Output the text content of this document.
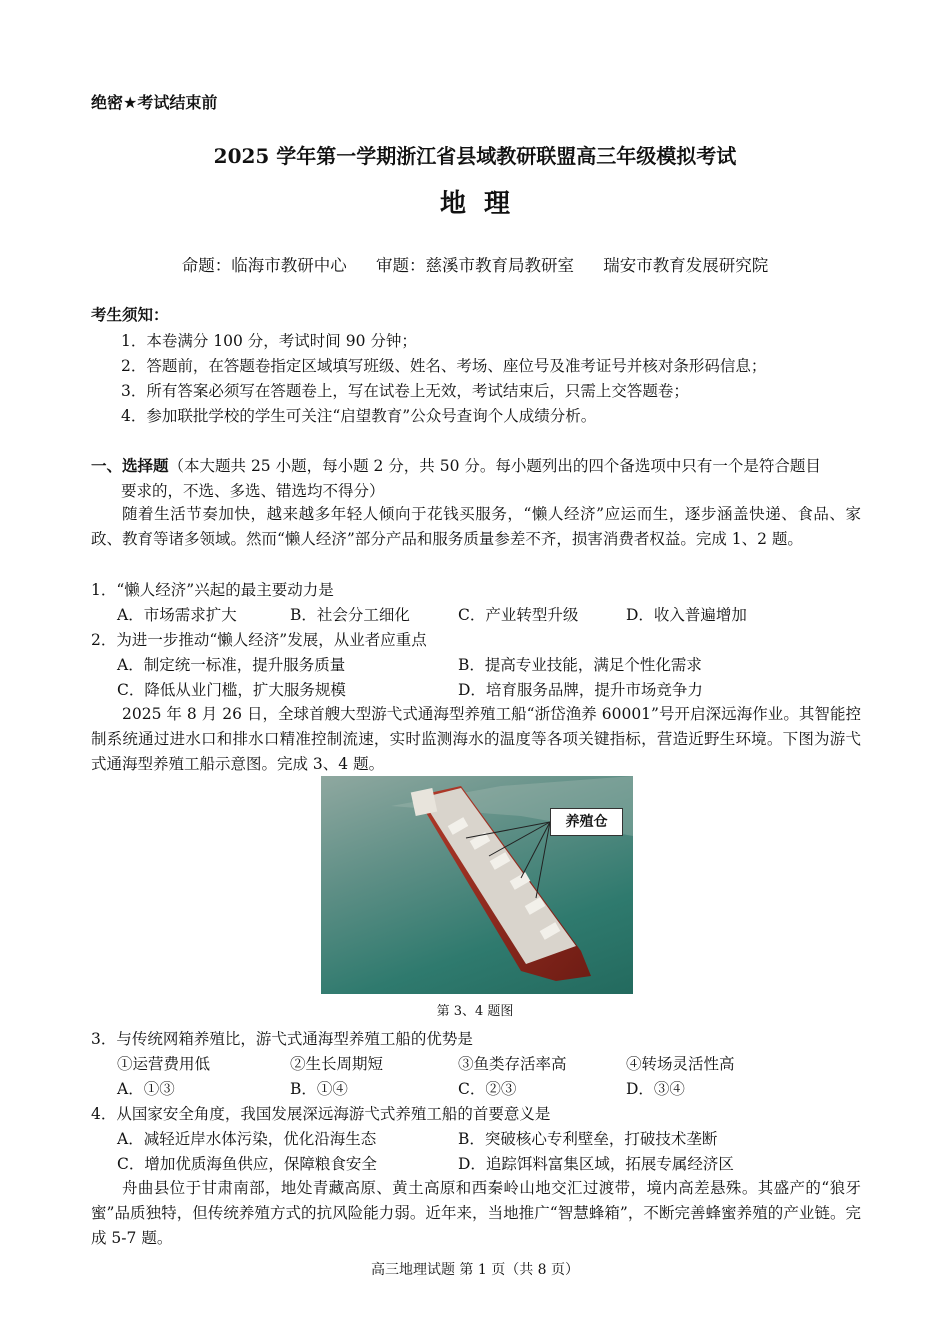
绝密★考试结束前
2025 学年第一学期浙江省县域教研联盟高三年级模拟考试
地理
命题：临海市教研中心 审题：慈溪市教育局教研室 瑞安市教育发展研究院
考生须知：
1．本卷满分 100 分，考试时间 90 分钟；
2．答题前，在答题卷指定区域填写班级、姓名、考场、座位号及准考证号并核对条形码信息；
3．所有答案必须写在答题卷上，写在试卷上无效，考试结束后，只需上交答题卷；
4．参加联批学校的学生可关注“启望教育”公众号查询个人成绩分析。
一、选择题（本大题共 25 小题，每小题 2 分，共 50 分。每小题列出的四个备选项中只有一个是符合题目
要求的，不选、多选、错选均不得分）
随着生活节奏加快，越来越多年轻人倾向于花钱买服务，“懒人经济”应运而生，逐步涵盖快递、食品、家政、教育等诸多领域。然而“懒人经济”部分产品和服务质量参差不齐，损害消费者权益。完成 1、2 题。
1．“懒人经济”兴起的最主要动力是
A．市场需求扩大	B．社会分工细化	C．产业转型升级	D．收入普遍增加
2．为进一步推动“懒人经济”发展，从业者应重点
A．制定统一标准，提升服务质量	B．提高专业技能，满足个性化需求
C．降低从业门槛，扩大服务规模	D．培育服务品牌，提升市场竞争力
2025 年 8 月 26 日，全球首艘大型游弋式通海型养殖工船“浙岱渔养 60001”号开启深远海作业。其智能控制系统通过进水口和排水口精准控制流速，实时监测海水的温度等各项关键指标，营造近野生环境。下图为游弋式通海型养殖工船示意图。完成 3、4 题。
养殖仓
第 3、4 题图
3．与传统网箱养殖比，游弋式通海型养殖工船的优势是
①运营费用低	②生长周期短	③鱼类存活率高	④转场灵活性高
A．①③	B．①④	C．②③	D．③④
4．从国家安全角度，我国发展深远海游弋式养殖工船的首要意义是
A．减轻近岸水体污染，优化沿海生态	B．突破核心专利壁垒，打破技术垄断
C．增加优质海鱼供应，保障粮食安全	D．追踪饵料富集区域，拓展专属经济区
舟曲县位于甘肃南部，地处青藏高原、黄土高原和西秦岭山地交汇过渡带，境内高差悬殊。其盛产的“狼牙蜜”品质独特，但传统养殖方式的抗风险能力弱。近年来，当地推广“智慧蜂箱”，不断完善蜂蜜养殖的产业链。完成 5-7 题。
高三地理试题 第 1 页（共 8 页）
